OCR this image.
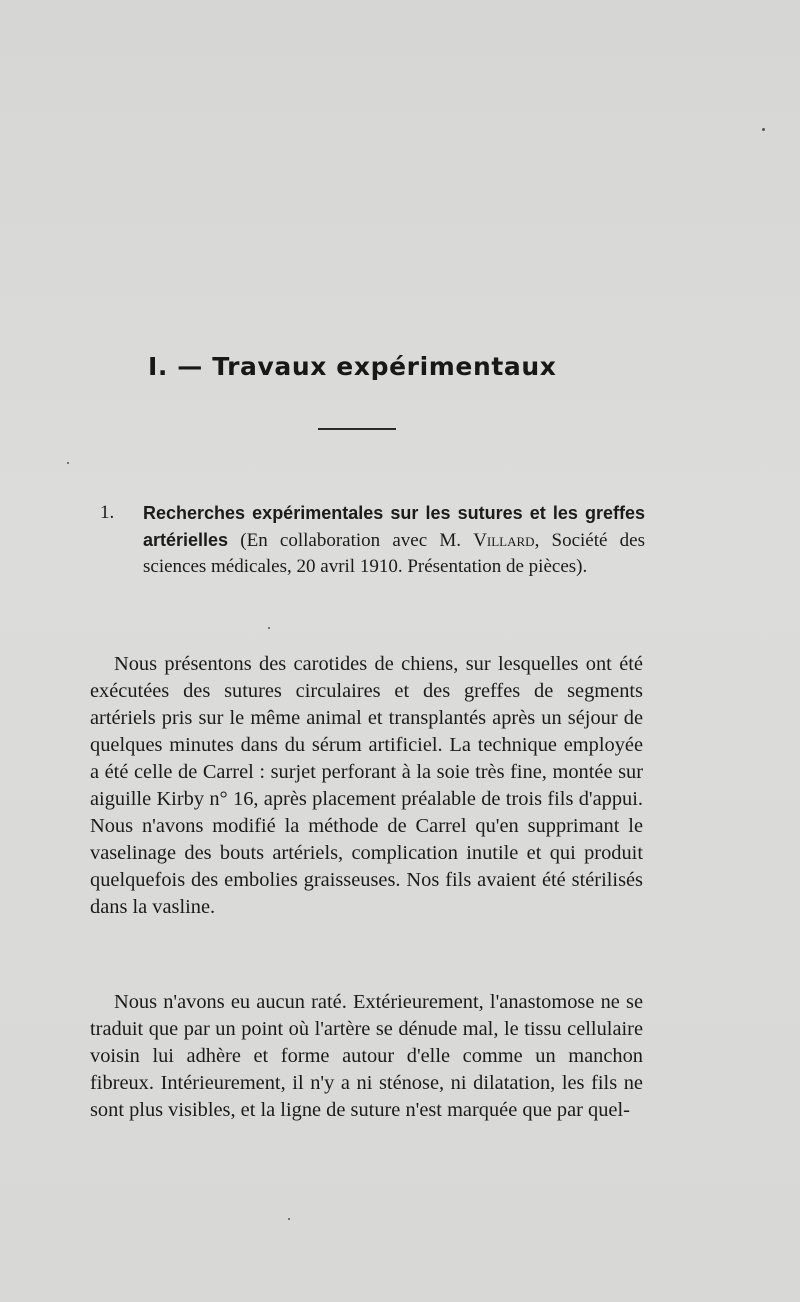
I. — Travaux expérimentaux
1. Recherches expérimentales sur les sutures et les greffes artérielles (En collaboration avec M. Villard, Société des sciences médicales, 20 avril 1910. Présentation de pièces).

Nous présentons des carotides de chiens, sur lesquelles ont été exécutées des sutures circulaires et des greffes de segments artériels pris sur le même animal et transplantés après un séjour de quelques minutes dans du sérum artificiel. La technique employée a été celle de Carrel : surjet perforant à la soie très fine, montée sur aiguille Kirby n° 16, après placement préalable de trois fils d'appui. Nous n'avons modifié la méthode de Carrel qu'en supprimant le vaselinage des bouts artériels, complication inutile et qui produit quelquefois des embolies graisseuses. Nos fils avaient été stérilisés dans la vasline.

Nous n'avons eu aucun raté. Extérieurement, l'anastomose ne se traduit que par un point où l'artère se dénude mal, le tissu cellulaire voisin lui adhère et forme autour d'elle comme un manchon fibreux. Intérieurement, il n'y a ni sténose, ni dilatation, les fils ne sont plus visibles, et la ligne de suture n'est marquée que par quel-
